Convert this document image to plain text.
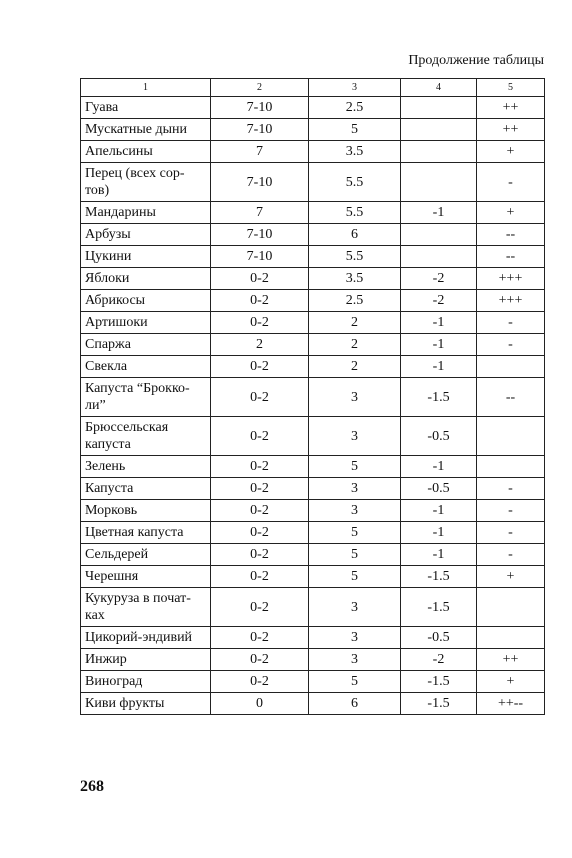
Продолжение таблицы
1	2	3	4	5
Гуава	7-10	2.5		++
Мускатные дыни	7-10	5		++
Апельсины	7	3.5		+
Перец (всех сор-тов)	7-10	5.5		-
Мандарины	7	5.5	-1	+
Арбузы	7-10	6		--
Цукини	7-10	5.5		--
Яблоки	0-2	3.5	-2	+++
Абрикосы	0-2	2.5	-2	+++
Артишоки	0-2	2	-1	-
Спаржа	2	2	-1	-
Свекла	0-2	2	-1	
Капуста “Брокко-ли”	0-2	3	-1.5	--
Брюссельская капуста	0-2	3	-0.5	
Зелень	0-2	5	-1	
Капуста	0-2	3	-0.5	-
Морковь	0-2	3	-1	-
Цветная капуста	0-2	5	-1	-
Сельдерей	0-2	5	-1	-
Черешня	0-2	5	-1.5	+
Кукуруза в почат-ках	0-2	3	-1.5	
Цикорий-эндивий	0-2	3	-0.5	
Инжир	0-2	3	-2	++
Виноград	0-2	5	-1.5	+
Киви фрукты	0	6	-1.5	++--
268
